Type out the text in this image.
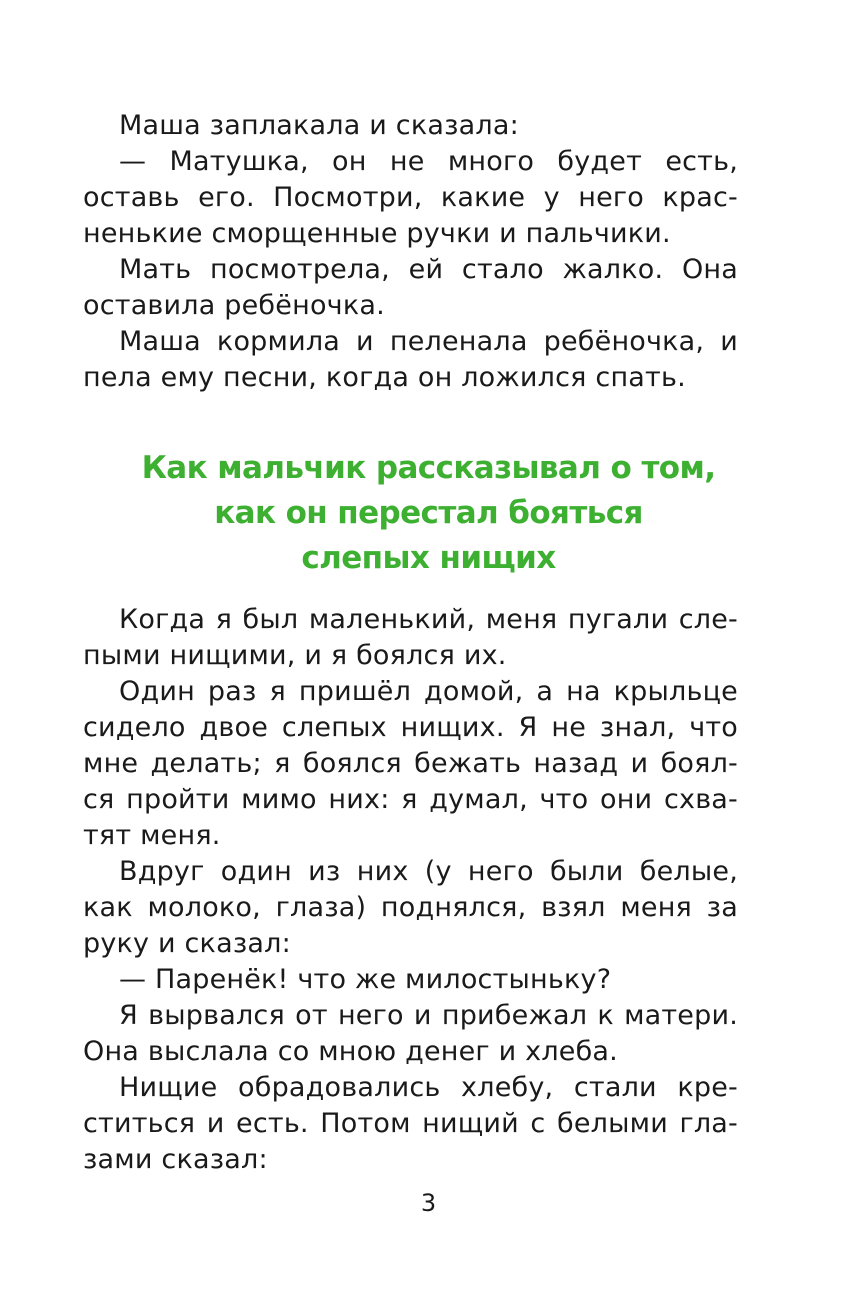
Маша заплакала и сказала:
— Матушка, он не много будет есть,
оставь его. Посмотри, какие у него крас-
ненькие сморщенные ручки и пальчики.
Мать посмотрела, ей стало жалко. Она
оставила ребёночка.
Маша кормила и пеленала ребёночка, и
пела ему песни, когда он ложился спать.
Как мальчик рассказывал о том,
как он перестал бояться
слепых нищих
Когда я был маленький, меня пугали сле-
пыми нищими, и я боялся их.
Один раз я пришёл домой, а на крыльце
сидело двое слепых нищих. Я не знал, что
мне делать; я боялся бежать назад и боял-
ся пройти мимо них: я думал, что они схва-
тят меня.
Вдруг один из них (у него были белые,
как молоко, глаза) поднялся, взял меня за
руку и сказал:
— Паренёк! что же милостыньку?
Я вырвался от него и прибежал к матери.
Она выслала со мною денег и хлеба.
Нищие обрадовались хлебу, стали кре-
ститься и есть. Потом нищий с белыми гла-
зами сказал:
3
